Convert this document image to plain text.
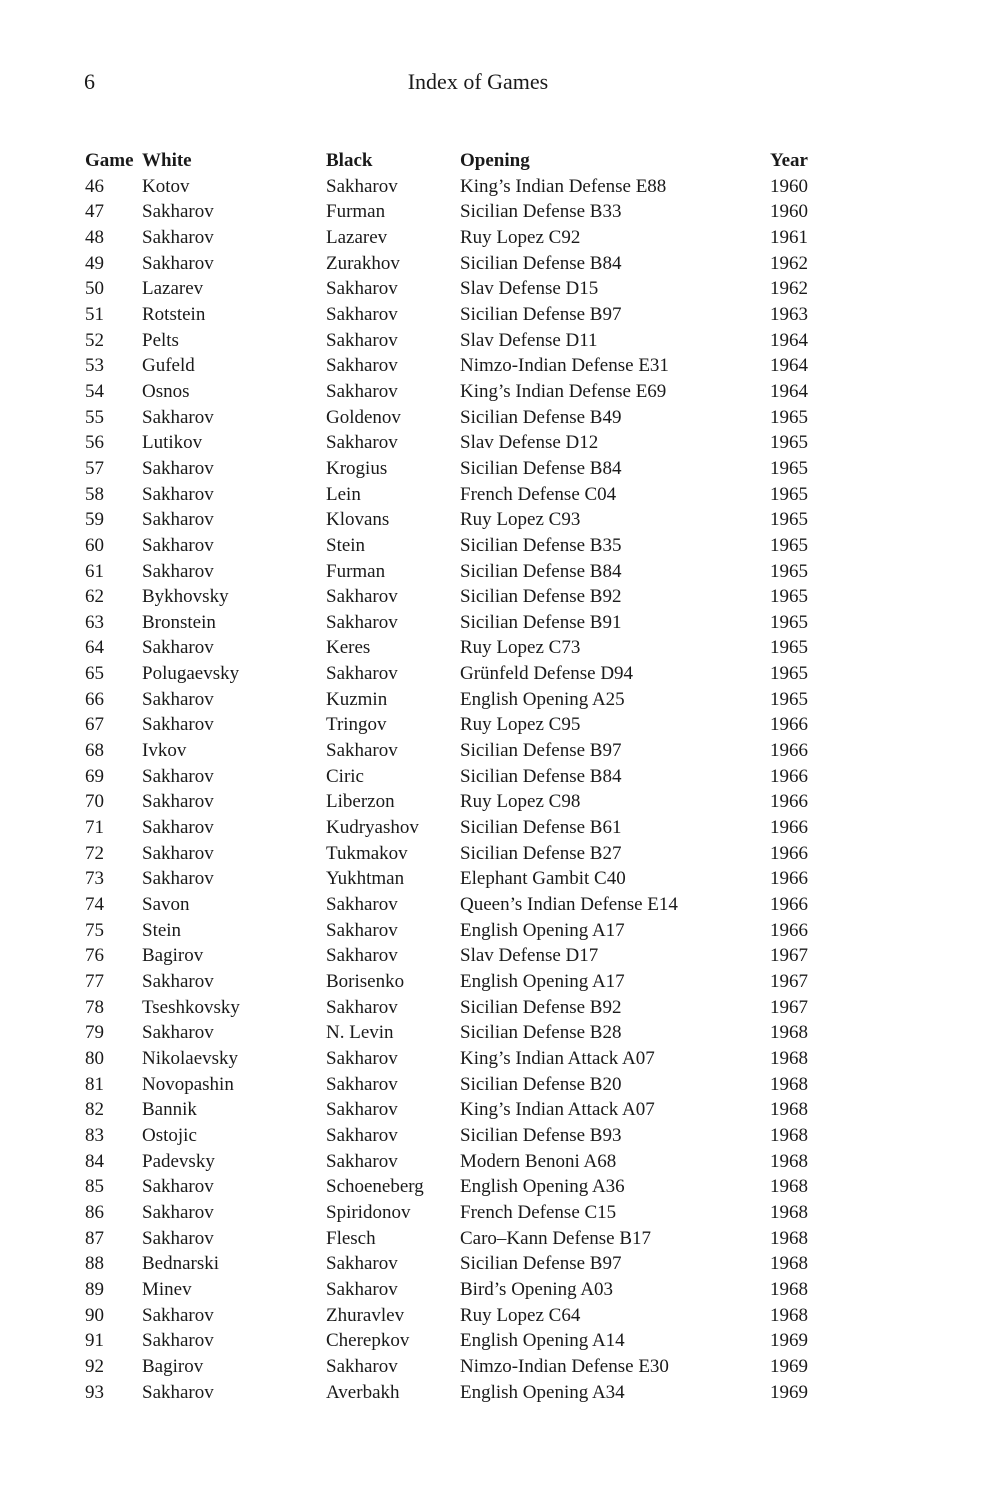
6	Index of Games
Game	White	Black	Opening	Year
46	Kotov	Sakharov	King’s Indian Defense E88	1960
47	Sakharov	Furman	Sicilian Defense B33	1960
48	Sakharov	Lazarev	Ruy Lopez C92	1961
49	Sakharov	Zurakhov	Sicilian Defense B84	1962
50	Lazarev	Sakharov	Slav Defense D15	1962
51	Rotstein	Sakharov	Sicilian Defense B97	1963
52	Pelts	Sakharov	Slav Defense D11	1964
53	Gufeld	Sakharov	Nimzo-Indian Defense E31	1964
54	Osnos	Sakharov	King’s Indian Defense E69	1964
55	Sakharov	Goldenov	Sicilian Defense B49	1965
56	Lutikov	Sakharov	Slav Defense D12	1965
57	Sakharov	Krogius	Sicilian Defense B84	1965
58	Sakharov	Lein	French Defense C04	1965
59	Sakharov	Klovans	Ruy Lopez C93	1965
60	Sakharov	Stein	Sicilian Defense B35	1965
61	Sakharov	Furman	Sicilian Defense B84	1965
62	Bykhovsky	Sakharov	Sicilian Defense B92	1965
63	Bronstein	Sakharov	Sicilian Defense B91	1965
64	Sakharov	Keres	Ruy Lopez C73	1965
65	Polugaevsky	Sakharov	Grünfeld Defense D94	1965
66	Sakharov	Kuzmin	English Opening A25	1965
67	Sakharov	Tringov	Ruy Lopez C95	1966
68	Ivkov	Sakharov	Sicilian Defense B97	1966
69	Sakharov	Ciric	Sicilian Defense B84	1966
70	Sakharov	Liberzon	Ruy Lopez C98	1966
71	Sakharov	Kudryashov	Sicilian Defense B61	1966
72	Sakharov	Tukmakov	Sicilian Defense B27	1966
73	Sakharov	Yukhtman	Elephant Gambit C40	1966
74	Savon	Sakharov	Queen’s Indian Defense E14	1966
75	Stein	Sakharov	English Opening A17	1966
76	Bagirov	Sakharov	Slav Defense D17	1967
77	Sakharov	Borisenko	English Opening A17	1967
78	Tseshkovsky	Sakharov	Sicilian Defense B92	1967
79	Sakharov	N. Levin	Sicilian Defense B28	1968
80	Nikolaevsky	Sakharov	King’s Indian Attack A07	1968
81	Novopashin	Sakharov	Sicilian Defense B20	1968
82	Bannik	Sakharov	King’s Indian Attack A07	1968
83	Ostojic	Sakharov	Sicilian Defense B93	1968
84	Padevsky	Sakharov	Modern Benoni A68	1968
85	Sakharov	Schoeneberg	English Opening A36	1968
86	Sakharov	Spiridonov	French Defense C15	1968
87	Sakharov	Flesch	Caro–Kann Defense B17	1968
88	Bednarski	Sakharov	Sicilian Defense B97	1968
89	Minev	Sakharov	Bird’s Opening A03	1968
90	Sakharov	Zhuravlev	Ruy Lopez C64	1968
91	Sakharov	Cherepkov	English Opening A14	1969
92	Bagirov	Sakharov	Nimzo-Indian Defense E30	1969
93	Sakharov	Averbakh	English Opening A34	1969
